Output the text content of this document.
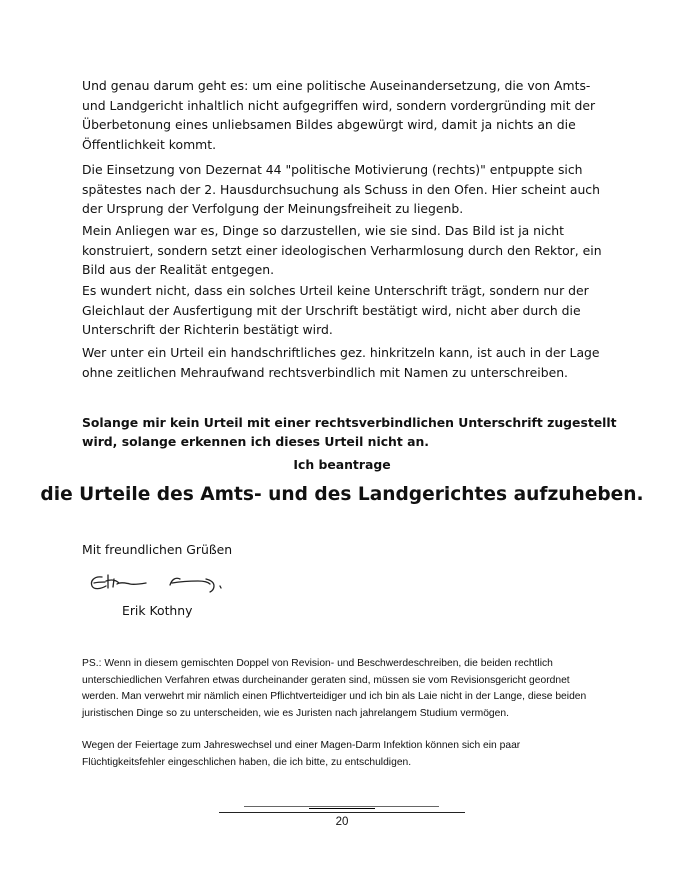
Und genau darum geht es: um eine politische Auseinandersetzung, die von Amts- und Landgericht inhaltlich nicht aufgegriffen wird, sondern vordergründing mit der Überbetonung eines unliebsamen Bildes abgewürgt wird, damit ja nichts an die Öffentlichkeit kommt.

Die Einsetzung von Dezernat 44 "politische Motivierung (rechts)" entpuppte sich spätestes nach der 2. Hausdurchsuchung als Schuss in den Ofen. Hier scheint auch der Ursprung der Verfolgung der Meinungsfreiheit zu liegenb.

Mein Anliegen war es, Dinge so darzustellen, wie sie sind. Das Bild ist ja nicht konstruiert, sondern setzt einer ideologischen Verharmlosung durch den Rektor, ein Bild aus der Realität entgegen.

Es wundert nicht, dass ein solches Urteil keine Unterschrift trägt, sondern nur der Gleichlaut der Ausfertigung mit der Urschrift bestätigt wird, nicht aber durch die Unterschrift der Richterin bestätigt wird.

Wer unter ein Urteil ein handschriftliches gez. hinkritzeln kann, ist auch in der Lage ohne zeitlichen Mehraufwand rechtsverbindlich mit Namen zu unterschreiben.

Solange mir kein Urteil mit einer rechtsverbindlichen Unterschrift zugestellt wird, solange erkennen ich dieses Urteil nicht an.

Ich beantrage

die Urteile des Amts- und des Landgerichtes aufzuheben.

Mit freundlichen Grüßen

Erik Kothny

PS.: Wenn in diesem gemischten Doppel von Revision- und Beschwerdeschreiben, die beiden rechtlich unterschiedlichen Verfahren etwas durcheinander geraten sind, müssen sie vom Revisionsgericht geordnet werden. Man verwehrt mir nämlich einen Pflichtverteidiger und ich bin als Laie nicht in der Lange, diese beiden juristischen Dinge so zu unterscheiden, wie es Juristen nach jahrelangem Studium vermögen.

Wegen der Feiertage zum Jahreswechsel und einer Magen-Darm Infektion können sich ein paar Flüchtigkeitsfehler eingeschlichen haben, die ich bitte, zu entschuldigen.

20
